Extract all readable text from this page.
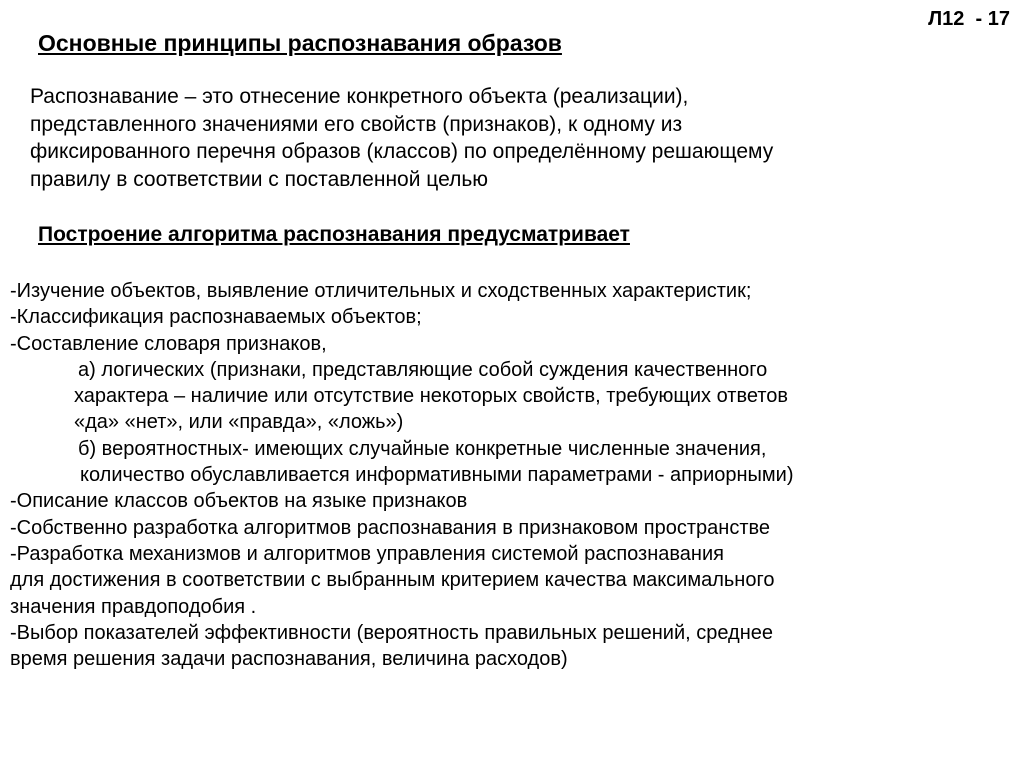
Л12  - 17
Основные принципы распознавания образов
Распознавание – это отнесение конкретного объекта (реализации),
представленного значениями его свойств (признаков), к одному из
фиксированного перечня образов (классов) по определённому решающему
правилу в соответствии с поставленной целью
Построение алгоритма распознавания предусматривает
-Изучение объектов, выявление отличительных и сходственных характеристик;
-Классификация распознаваемых объектов;
-Составление словаря признаков,
а) логических (признаки, представляющие собой суждения качественного
характера – наличие или отсутствие некоторых свойств, требующих ответов
«да» «нет», или «правда», «ложь»)
б) вероятностных- имеющих случайные конкретные численные значения,
количество обуславливается информативными параметрами - априорными)
-Описание классов объектов на языке признаков
-Собственно разработка алгоритмов распознавания в признаковом пространстве
-Разработка механизмов и алгоритмов управления системой распознавания
для достижения в соответствии с выбранным критерием качества максимального
значения правдоподобия .
-Выбор показателей эффективности (вероятность правильных решений, среднее
время решения задачи распознавания, величина расходов)
